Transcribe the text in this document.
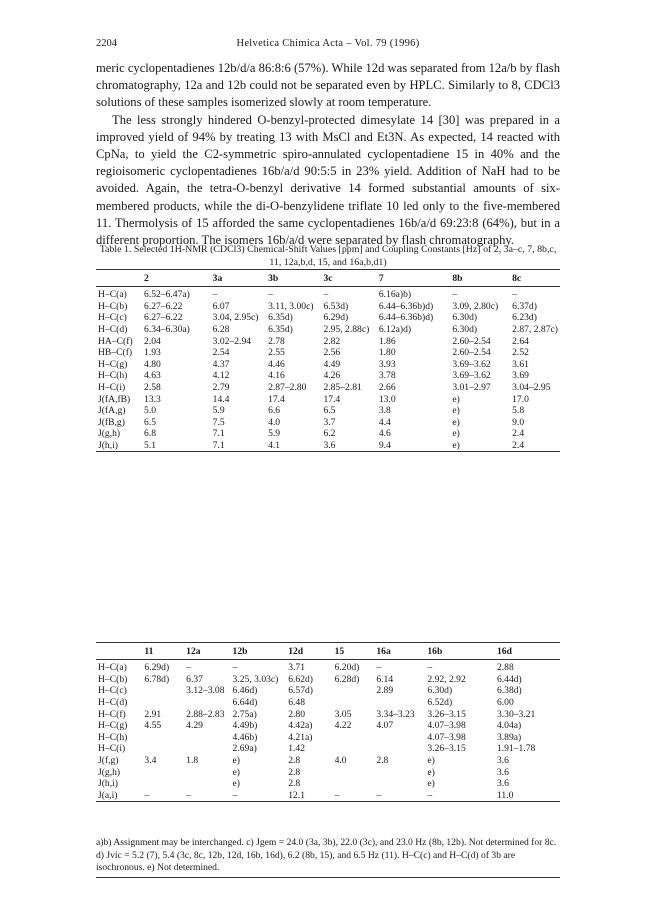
2204	Helvetica Chimica Acta – Vol. 79 (1996)

meric cyclopentadienes 12b/d/a 86:8:6 (57%). While 12d was separated from 12a/b by flash chromatography, 12a and 12b could not be separated even by HPLC. Similarly to 8, CDCl3 solutions of these samples isomerized slowly at room temperature.

The less strongly hindered O-benzyl-protected dimesylate 14 [30] was prepared in a improved yield of 94% by treating 13 with MsCl and Et3N. As expected, 14 reacted with CpNa, to yield the C2-symmetric spiro-annulated cyclopentadiene 15 in 40% and the regioisomeric cyclopentadienes 16b/a/d 90:5:5 in 23% yield. Addition of NaH had to be avoided. Again, the tetra-O-benzyl derivative 14 formed substantial amounts of six-membered products, while the di-O-benzylidene triflate 10 led only to the five-membered 11. Thermolysis of 15 afforded the same cyclopentadienes 16b/a/d 69:23:8 (64%), but in a different proportion. The isomers 16b/a/d were separated by flash chromatography.

Table 1. Selected 1H-NMR (CDCl3) Chemical-Shift Values [ppm] and Coupling Constants [Hz] of 2, 3a–c, 7, 8b,c, 11, 12a,b,d, 15, and 16a,b,d1)
	2	3a	3b	3c	7	8b	8c
H–C(a)	6.52–6.47a)	–	–	–	6.16a)b)	–	–
H–C(b)	6.27–6.22	6.07	3.11, 3.00c)	6.53d)	6.44–6.36b)d)	3.09, 2.80c)	6.37d)
H–C(c)	6.27–6.22	3.04, 2.95c)	6.35d)	6.29d)	6.44–6.36b)d)	6.30d)	6.23d)
H–C(d)	6.34–6.30a)	6.28	6.35d)	2.95, 2.88c)	6.12a)d)	6.30d)	2.87, 2.87c)
HA–C(f)	2.04	3.02–2.94	2.78	2.82	1.86	2.60–2.54	2.64
HB–C(f)	1.93	2.54	2.55	2.56	1.80	2.60–2.54	2.52
H–C(g)	4.80	4.37	4.46	4.49	3.93	3.69–3.62	3.61
H–C(h)	4.63	4.12	4.16	4.26	3.78	3.69–3.62	3.69
H–C(i)	2.58	2.79	2.87–2.80	2.85–2.81	2.66	3.01–2.97	3.04–2.95
J(fA,fB)	13.3	14.4	17.4	17.4	13.0	e)	17.0
J(fA,g)	5.0	5.9	6.6	6.5	3.8	e)	5.8
J(fB,g)	6.5	7.5	4.0	3.7	4.4	e)	9.0
J(g,h)	6.8	7.1	5.9	6.2	4.6	e)	2.4
J(h,i)	5.1	7.1	4.1	3.6	9.4	e)	2.4
	11	12a	12b	12d	15	16a	16b	16d
H–C(a)	6.29d)	–	–	3.71	6.20d)	–	–	2.88
H–C(b)	6.78d)	6.37	3.25, 3.03c)	6.62d)	6.28d)	6.14	2.92, 2.92	6.44d)
H–C(c)		3.12–3.08	6.46d)	6.57d)		2.89	6.30d)	6.38d)
H–C(d)			6.64d)	6.48			6.52d)	6.00
H–C(f)	2.91	2.88–2.83	2.75a)	2.80	3.05	3.34–3.23	3.26–3.15	3.30–3.21
H–C(g)	4.55	4.29	4.49b)	4.42a)	4.22	4.07	4.07–3.98	4.04a)
H–C(h)			4.46b)	4.21a)			4.07–3.98	3.89a)
H–C(i)			2.69a)	1.42			3.26–3.15	1.91–1.78
J(f,g)	3.4	1.8	e)	2.8	4.0	2.8	e)	3.6
J(g,h)			e)	2.8			e)	3.6
J(h,i)			e)	2.8			e)	3.6
J(a,i)	–	–	–	12.1	–	–	–	11.0
a)b) Assignment may be interchanged. c) Jgem = 24.0 (3a, 3b), 22.0 (3c), and 23.0 Hz (8b, 12b). Not determined for 8c. d) Jvic = 5.2 (7), 5.4 (3c, 8c, 12b, 12d, 16b, 16d), 6.2 (8b, 15), and 6.5 Hz (11). H–C(c) and H–C(d) of 3b are isochronous. e) Not determined.
